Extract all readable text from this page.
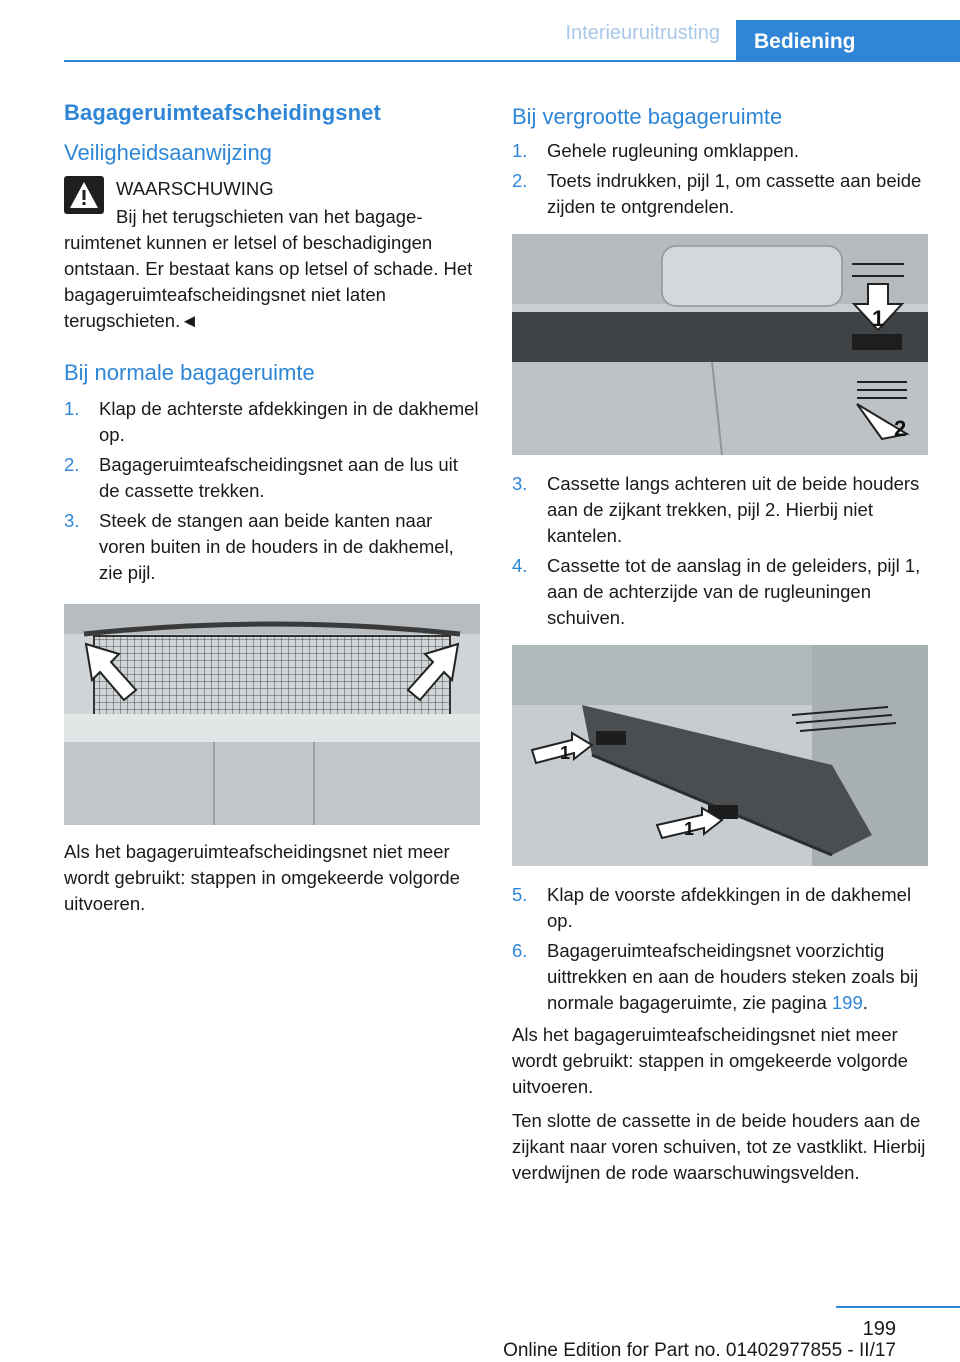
Interieuruitrusting	Bediening
Bagageruimteafscheidingsnet
Veiligheidsaanwijzing
WAARSCHUWING
Bij het terugschieten van het bagage-

ruimtenet kunnen er letsel of beschadigingen ontstaan. Er bestaat kans op letsel of schade. Het bagageruimteafscheidingsnet niet laten terugschieten.◄

Bij normale bagageruimte
1. Klap de achterste afdekkingen in de dakhemel op.
2. Bagageruimteafscheidingsnet aan de lus uit de cassette trekken.
3. Steek de stangen aan beide kanten naar voren buiten in de houders in de dakhemel, zie pijl.

Als het bagageruimteafscheidingsnet niet meer wordt gebruikt: stappen in omgekeerde volgorde uitvoeren.

Bij vergrootte bagageruimte
1. Gehele rugleuning omklappen.
2. Toets indrukken, pijl 1, om cassette aan beide zijden te ontgrendelen.
1
2
3. Cassette langs achteren uit de beide houders aan de zijkant trekken, pijl 2. Hierbij niet kantelen.
4. Cassette tot de aanslag in de geleiders, pijl 1, aan de achterzijde van de rugleuningen schuiven.
1
1
5. Klap de voorste afdekkingen in de dakhemel op.
6. Bagageruimteafscheidingsnet voorzichtig uittrekken en aan de houders steken zoals bij normale bagageruimte, zie pagina 199.

Als het bagageruimteafscheidingsnet niet meer wordt gebruikt: stappen in omgekeerde volgorde uitvoeren.

Ten slotte de cassette in de beide houders aan de zijkant naar voren schuiven, tot ze vastklikt. Hierbij verdwijnen de rode waarschuwingsvelden.

199
Online Edition for Part no. 01402977855 - II/17
